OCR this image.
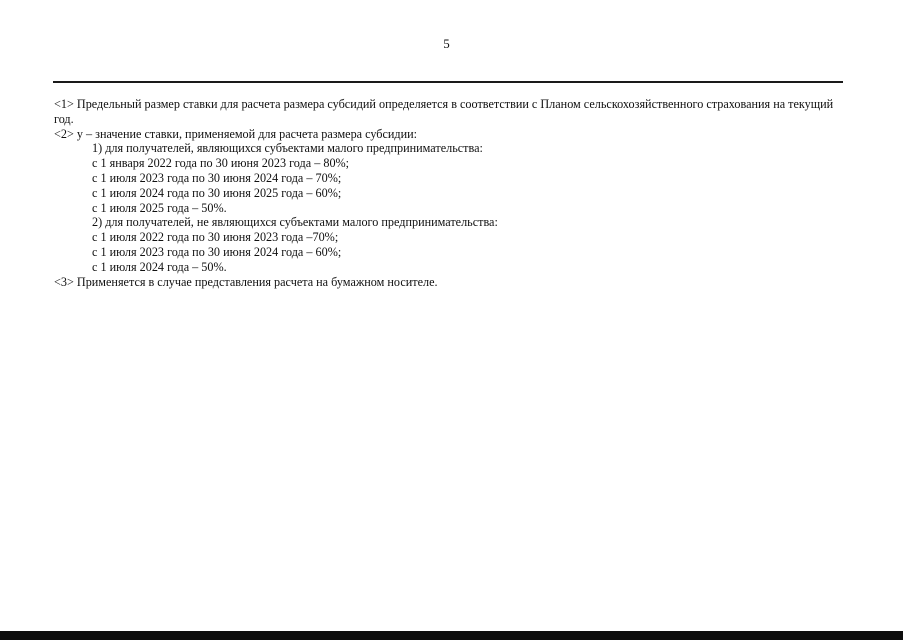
5
<1> Предельный размер ставки для расчета размера субсидий определяется в соответствии с Планом сельскохозяйственного страхования на текущий год.
<2> у – значение ставки, применяемой для расчета размера субсидии:
1) для получателей, являющихся субъектами малого предпринимательства:
с 1 января 2022 года по 30 июня 2023 года – 80%;
с 1 июля 2023 года по 30 июня 2024 года – 70%;
с 1 июля 2024 года по 30 июня 2025 года – 60%;
с 1 июля 2025 года – 50%.
2) для получателей, не являющихся субъектами малого предпринимательства:
с 1 июля 2022 года по 30 июня 2023 года –70%;
с 1 июля 2023 года по 30 июня 2024 года – 60%;
с 1 июля 2024 года – 50%.
<3> Применяется в случае представления расчета на бумажном носителе.
